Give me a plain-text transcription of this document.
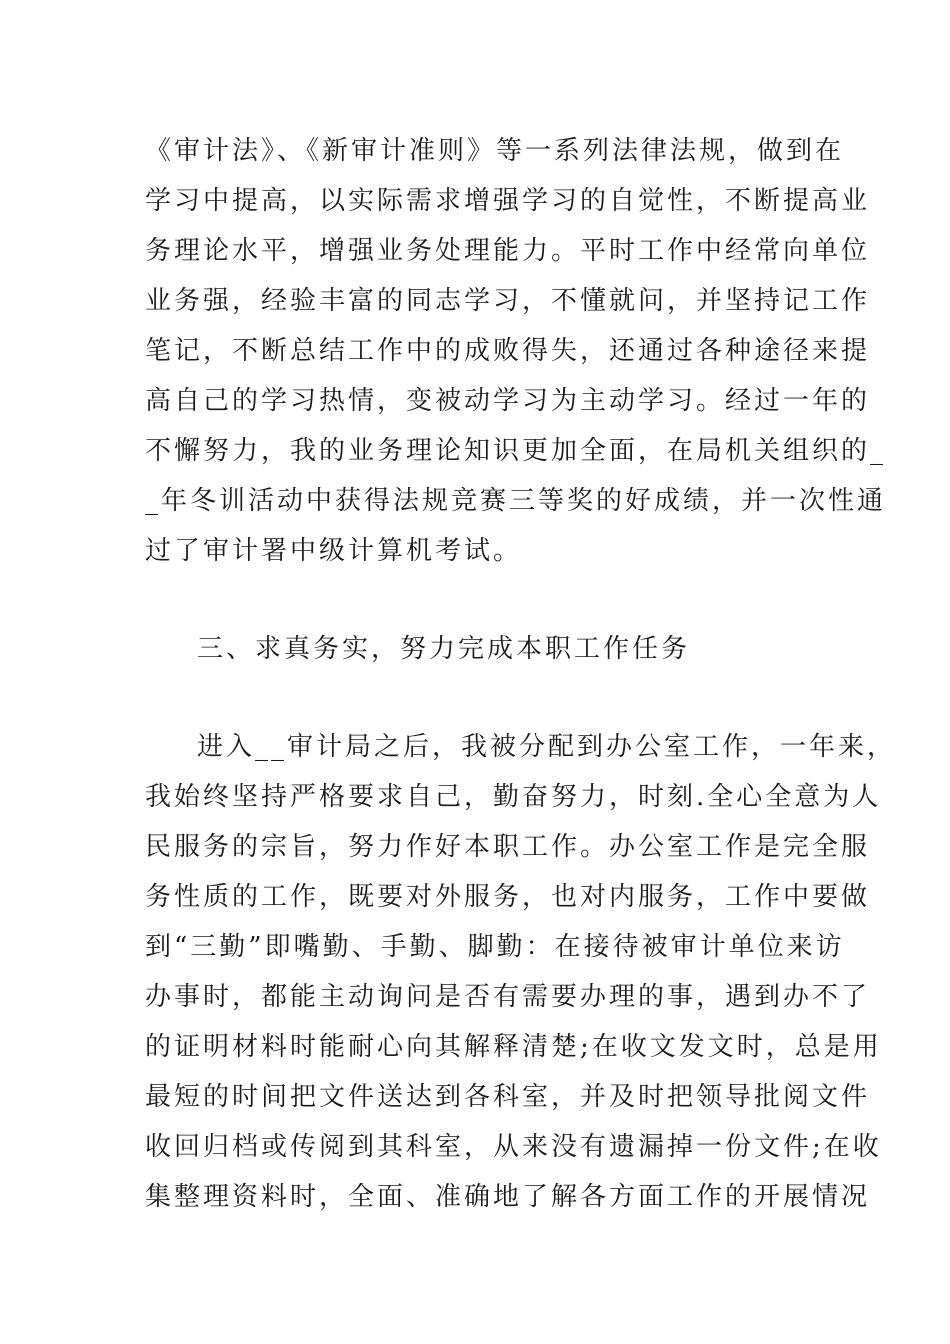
《审计法》、《新审计准则》等一系列法律法规，做到在
学习中提高，以实际需求增强学习的自觉性，不断提高业
务理论水平，增强业务处理能力。平时工作中经常向单位
业务强，经验丰富的同志学习，不懂就问，并坚持记工作
笔记，不断总结工作中的成败得失，还通过各种途径来提
高自己的学习热情，变被动学习为主动学习。经过一年的
不懈努力，我的业务理论知识更加全面，在局机关组织的_
_年冬训活动中获得法规竞赛三等奖的好成绩，并一次性通
过了审计署中级计算机考试。
三、求真务实，努力完成本职工作任务
进入__审计局之后，我被分配到办公室工作，一年来，
我始终坚持严格要求自己，勤奋努力，时刻.全心全意为人
民服务的宗旨，努力作好本职工作。办公室工作是完全服
务性质的工作，既要对外服务，也对内服务，工作中要做
到“三勤”即嘴勤、手勤、脚勤：在接待被审计单位来访
办事时，都能主动询问是否有需要办理的事，遇到办不了
的证明材料时能耐心向其解释清楚;在收文发文时，总是用
最短的时间把文件送达到各科室，并及时把领导批阅文件
收回归档或传阅到其科室，从来没有遗漏掉一份文件;在收
集整理资料时，全面、准确地了解各方面工作的开展情况
